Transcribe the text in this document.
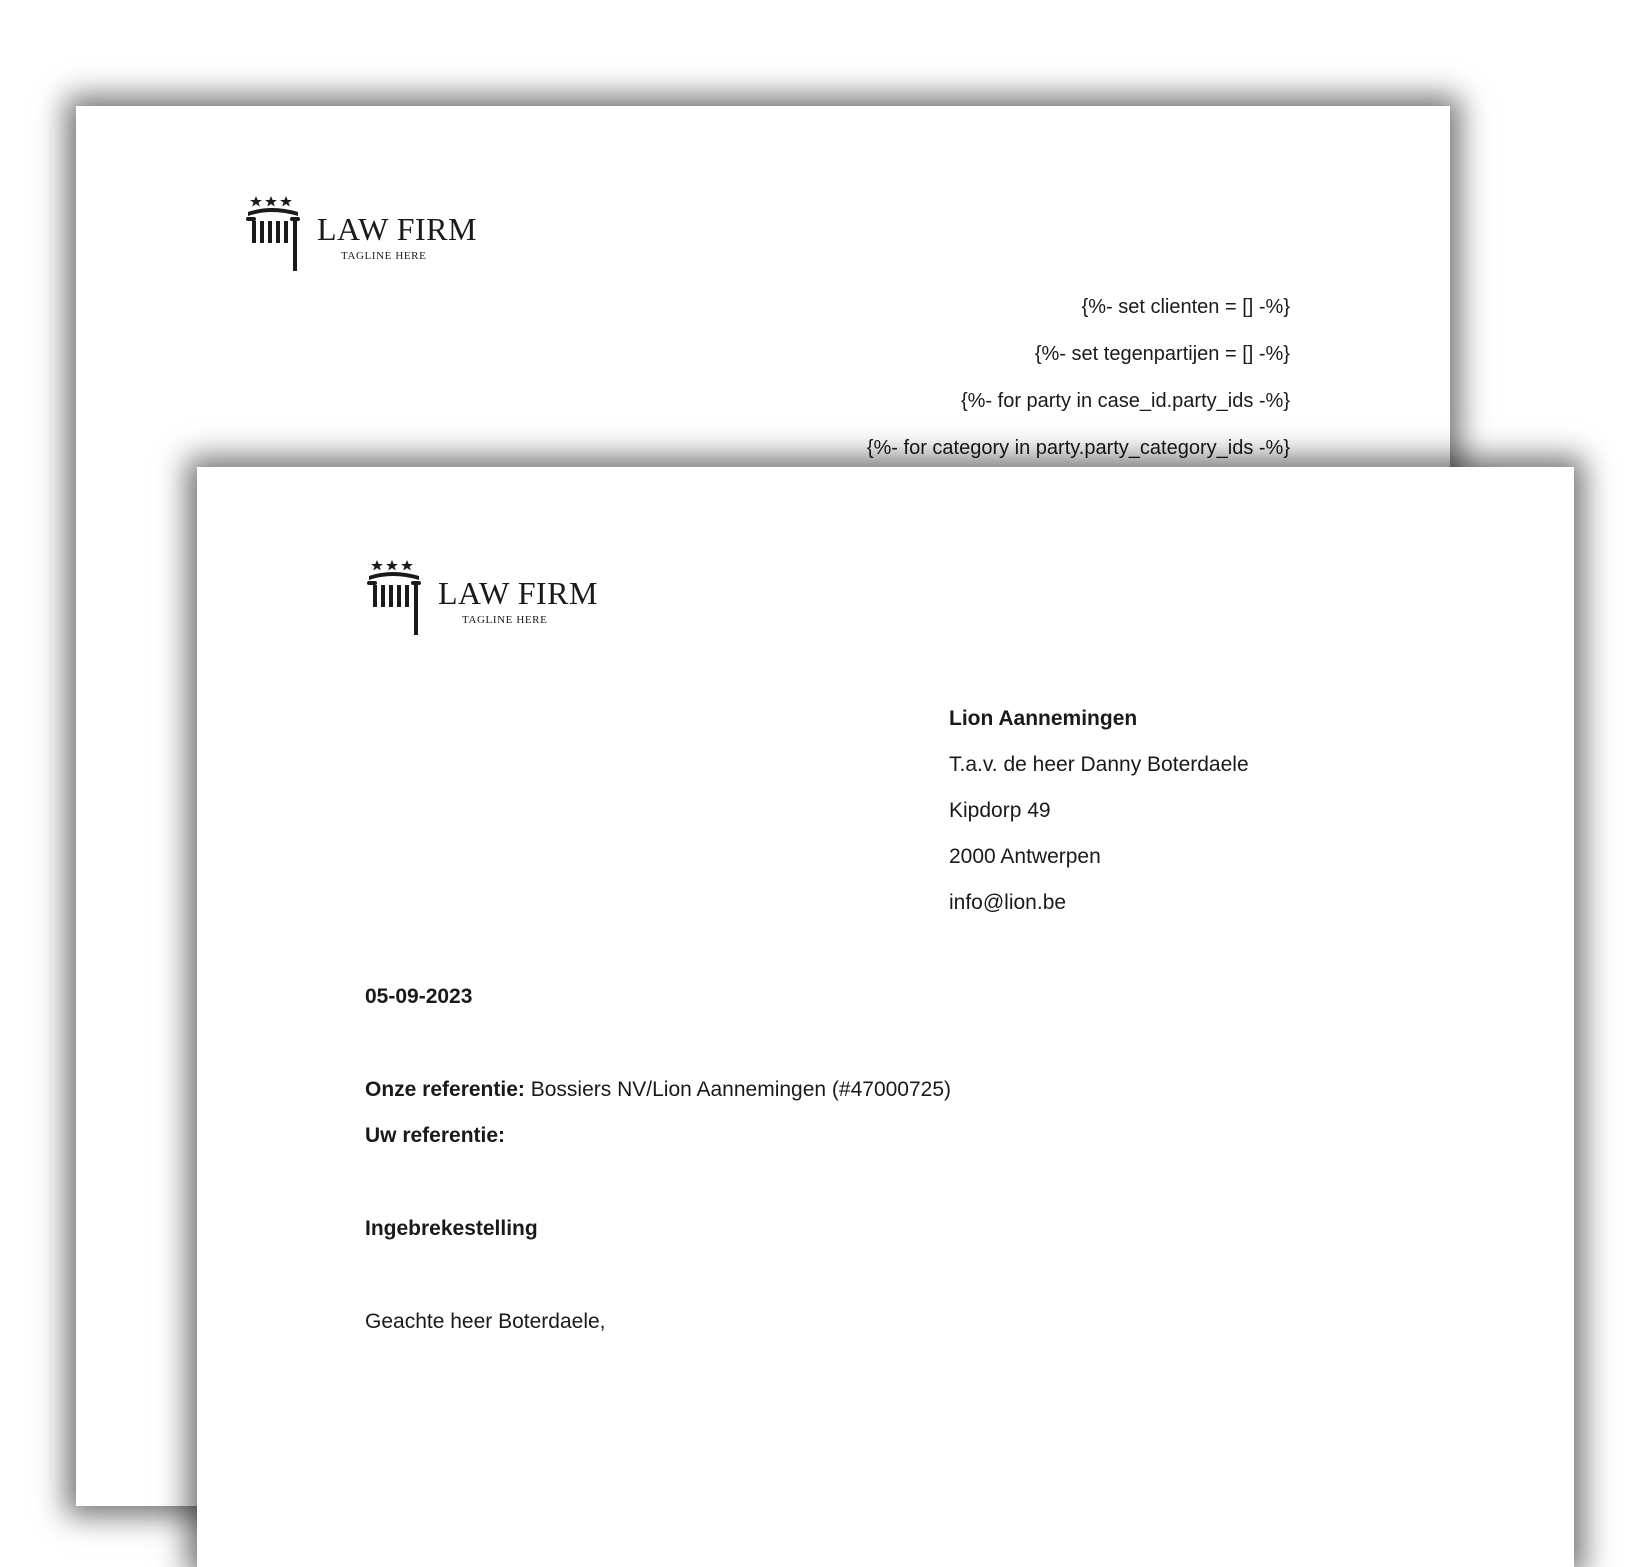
LAW FIRM
TAGLINE HERE
{%- set clienten = [] -%}
{%- set tegenpartijen = [] -%}
{%- for party in case_id.party_ids -%}
{%- for category in party.party_category_ids -%}
LAW FIRM
TAGLINE HERE
Lion Aannemingen
T.a.v. de heer Danny Boterdaele
Kipdorp 49
2000 Antwerpen
info@lion.be
05-09-2023
Onze referentie: Bossiers NV/Lion Aannemingen (#47000725)
Uw referentie:
Ingebrekestelling
Geachte heer Boterdaele,
